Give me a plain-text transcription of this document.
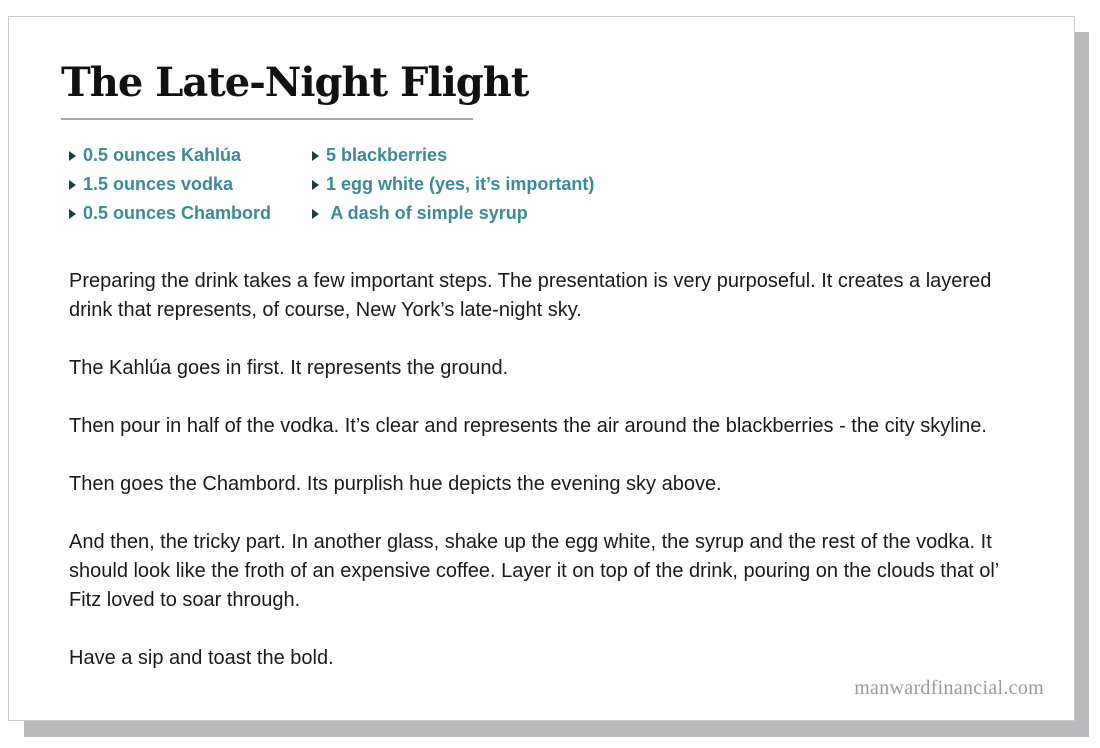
The Late-Night Flight
0.5 ounces Kahlúa
1.5 ounces vodka
0.5 ounces Chambord
5 blackberries
1 egg white (yes, it’s important)
A dash of simple syrup

Preparing the drink takes a few important steps. The presentation is very purposeful. It creates a layered drink that represents, of course, New York’s late-night sky.

The Kahlúa goes in first. It represents the ground.

Then pour in half of the vodka. It’s clear and represents the air around the blackberries - the city skyline.

Then goes the Chambord. Its purplish hue depicts the evening sky above.

And then, the tricky part. In another glass, shake up the egg white, the syrup and the rest of the vodka. It should look like the froth of an expensive coffee. Layer it on top of the drink, pouring on the clouds that ol’ Fitz loved to soar through.

Have a sip and toast the bold.

manwardfinancial.com
